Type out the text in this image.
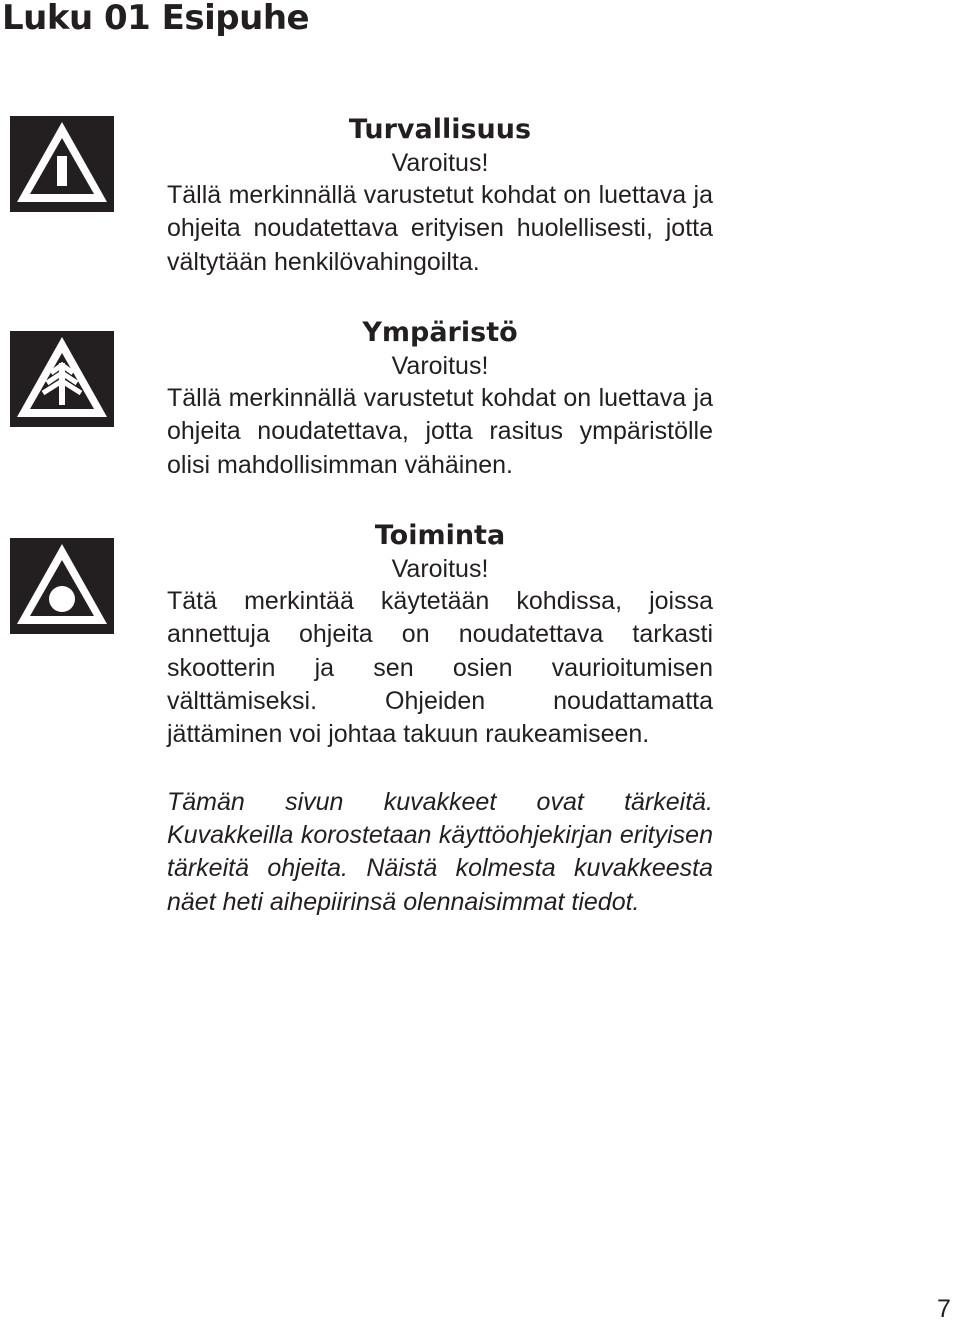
Luku 01 Esipuhe
Turvallisuus

Varoitus!

Tällä merkinnällä varustetut kohdat on luettava ja ohjeita noudatettava erityisen huolellisesti, jotta vältytään henkilövahingoilta.

Ympäristö

Varoitus!

Tällä merkinnällä varustetut kohdat on luettava ja ohjeita noudatettava, jotta rasitus ympäristölle olisi mahdollisimman vähäinen.

Toiminta

Varoitus!

Tätä merkintää käytetään kohdissa, joissa annettuja ohjeita on noudatettava tarkasti skootterin ja sen osien vaurioitumisen välttämiseksi. Ohjeiden noudattamatta jättäminen voi johtaa takuun raukeamiseen.

Tämän sivun kuvakkeet ovat tärkeitä. Kuvakkeilla korostetaan käyttöohjekirjan erityisen tärkeitä ohjeita. Näistä kolmesta kuvakkeesta näet heti aihepiirinsä olennaisimmat tiedot.

7
